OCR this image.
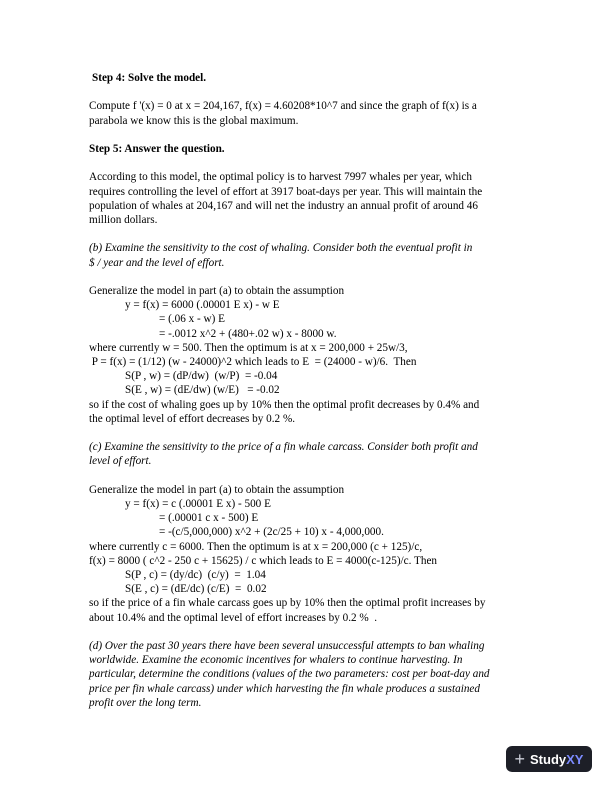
Step 4: Solve the model.

Compute f '(x) = 0 at x = 204,167, f(x) = 4.60208*10^7 and since the graph of f(x) is a

parabola we know this is the global maximum.

Step 5: Answer the question.

According to this model, the optimal policy is to harvest 7997 whales per year, which

requires controlling the level of effort at 3917 boat-days per year. This will maintain the

population of whales at 204,167 and will net the industry an annual profit of around 46

million dollars.

(b) Examine the sensitivity to the cost of whaling. Consider both the eventual profit in

$ / year and the level of effort.

Generalize the model in part (a) to obtain the assumption

y = f(x) = 6000 (.00001 E x) - w E

= (.06 x - w) E

= -.0012 x^2 + (480+.02 w) x - 8000 w.

where currently w = 500. Then the optimum is at x = 200,000 + 25w/3,

P = f(x) = (1/12) (w - 24000)^2 which leads to E  = (24000 - w)/6.  Then

S(P , w) = (dP/dw)  (w/P)  = -0.04

S(E , w) = (dE/dw) (w/E)   = -0.02

so if the cost of whaling goes up by 10% then the optimal profit decreases by 0.4% and

the optimal level of effort decreases by 0.2 %.

(c) Examine the sensitivity to the price of a fin whale carcass. Consider both profit and

level of effort.

Generalize the model in part (a) to obtain the assumption

y = f(x) = c (.00001 E x) - 500 E

= (.00001 c x - 500) E

= -(c/5,000,000) x^2 + (2c/25 + 10) x - 4,000,000.

where currently c = 6000. Then the optimum is at x = 200,000 (c + 125)/c,

f(x) = 8000 ( c^2 - 250 c + 15625) / c which leads to E = 4000(c-125)/c. Then

S(P , c) = (dy/dc)  (c/y)  =  1.04

S(E , c) = (dE/dc) (c/E)  =  0.02

so if the price of a fin whale carcass goes up by 10% then the optimal profit increases by

about 10.4% and the optimal level of effort increases by 0.2 %  .

(d) Over the past 30 years there have been several unsuccessful attempts to ban whaling

worldwide. Examine the economic incentives for whalers to continue harvesting. In

particular, determine the conditions (values of the two parameters: cost per boat-day and

price per fin whale carcass) under which harvesting the fin whale produces a sustained

profit over the long term.

+ StudyXY
